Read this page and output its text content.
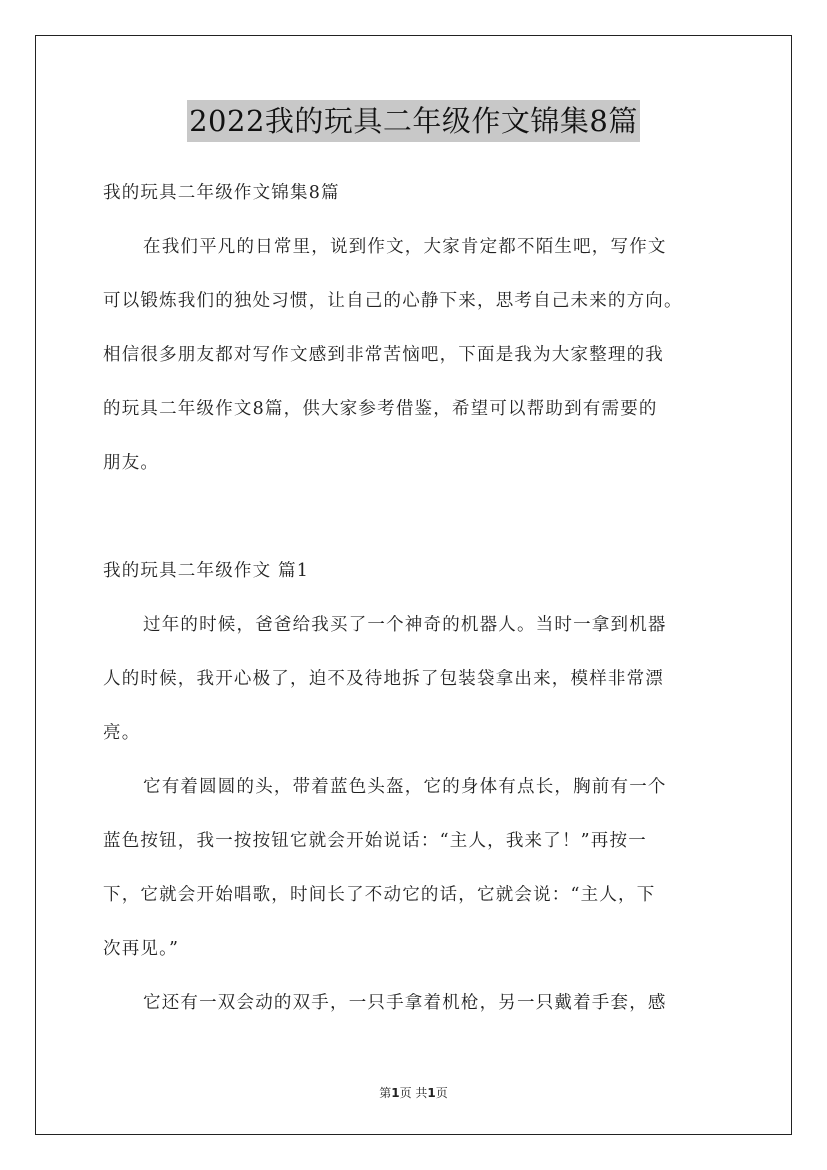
2022我的玩具二年级作文锦集8篇
我的玩具二年级作文锦集8篇
在我们平凡的日常里，说到作文，大家肯定都不陌生吧，写作文
可以锻炼我们的独处习惯，让自己的心静下来，思考自己未来的方向。
相信很多朋友都对写作文感到非常苦恼吧，下面是我为大家整理的我
的玩具二年级作文8篇，供大家参考借鉴，希望可以帮助到有需要的
朋友。
我的玩具二年级作文 篇1
过年的时候，爸爸给我买了一个神奇的机器人。当时一拿到机器
人的时候，我开心极了，迫不及待地拆了包装袋拿出来，模样非常漂
亮。
它有着圆圆的头，带着蓝色头盔，它的身体有点长，胸前有一个
蓝色按钮，我一按按钮它就会开始说话：“主人，我来了！”再按一
下，它就会开始唱歌，时间长了不动它的话，它就会说：“主人，下
次再见。”
它还有一双会动的双手，一只手拿着机枪，另一只戴着手套，感
第1页 共1页
